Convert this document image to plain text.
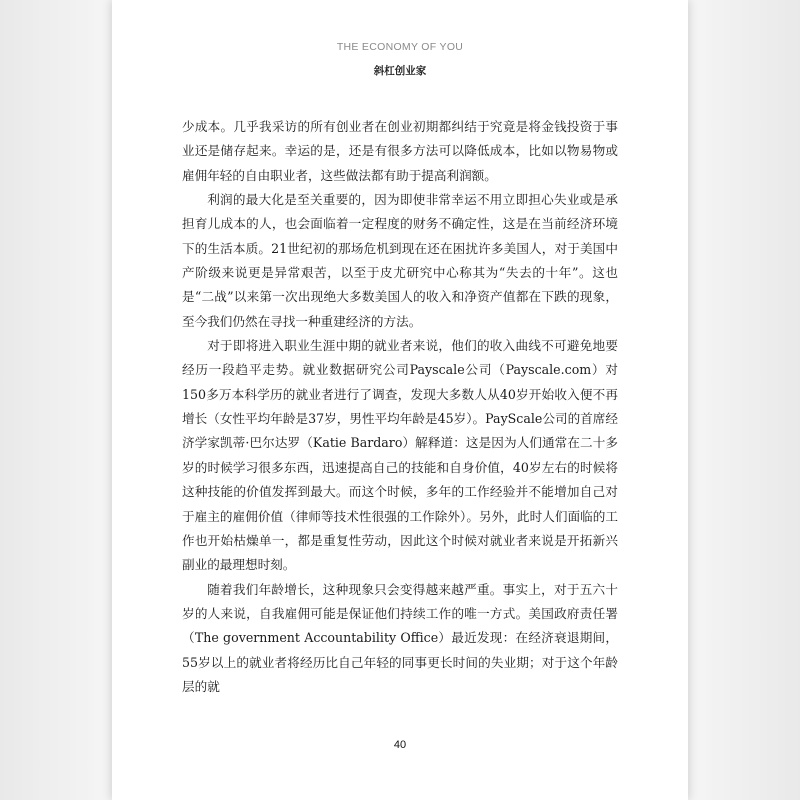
THE ECONOMY OF YOU
斜杠创业家

少成本。几乎我采访的所有创业者在创业初期都纠结于究竟是将金钱投资于事业还是储存起来。幸运的是，还是有很多方法可以降低成本，比如以物易物或雇佣年轻的自由职业者，这些做法都有助于提高利润额。

利润的最大化是至关重要的，因为即使非常幸运不用立即担心失业或是承担育儿成本的人，也会面临着一定程度的财务不确定性，这是在当前经济环境下的生活本质。21世纪初的那场危机到现在还在困扰许多美国人，对于美国中产阶级来说更是异常艰苦，以至于皮尤研究中心称其为“失去的十年”。这也是“二战”以来第一次出现绝大多数美国人的收入和净资产值都在下跌的现象，至今我们仍然在寻找一种重建经济的方法。

对于即将进入职业生涯中期的就业者来说，他们的收入曲线不可避免地要经历一段趋平走势。就业数据研究公司Payscale公司（Payscale.com）对150多万本科学历的就业者进行了调查，发现大多数人从40岁开始收入便不再增长（女性平均年龄是37岁，男性平均年龄是45岁）。PayScale公司的首席经济学家凯蒂·巴尔达罗（Katie Bardaro）解释道：这是因为人们通常在二十多岁的时候学习很多东西，迅速提高自己的技能和自身价值，40岁左右的时候将这种技能的价值发挥到最大。而这个时候，多年的工作经验并不能增加自己对于雇主的雇佣价值（律师等技术性很强的工作除外）。另外，此时人们面临的工作也开始枯燥单一，都是重复性劳动，因此这个时候对就业者来说是开拓新兴副业的最理想时刻。

随着我们年龄增长，这种现象只会变得越来越严重。事实上，对于五六十岁的人来说，自我雇佣可能是保证他们持续工作的唯一方式。美国政府责任署（The government Accountability Office）最近发现：在经济衰退期间，55岁以上的就业者将经历比自己年轻的同事更长时间的失业期；对于这个年龄层的就

40
